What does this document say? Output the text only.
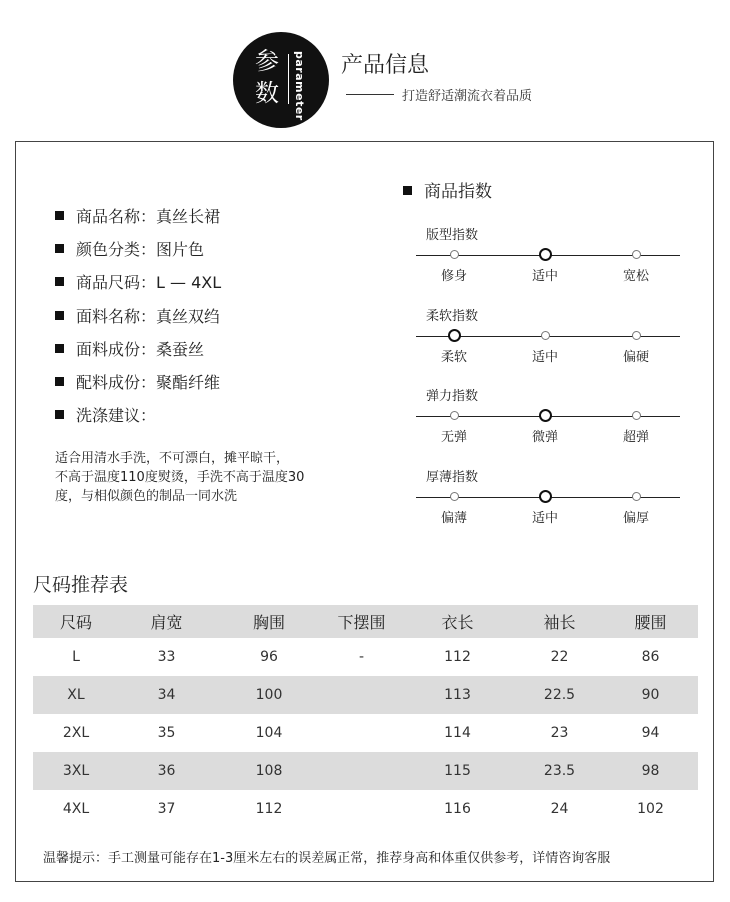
参
数 parameter 产品信息
打造舒适潮流衣着品质
商品名称：真丝长裙
颜色分类：图片色
商品尺码：L — 4XL
面料名称：真丝双绉
面料成份：桑蚕丝
配料成份：聚酯纤维
洗涤建议：
适合用清水手洗，不可漂白，摊平晾干，
不高于温度110度熨烫，手洗不高于温度30
度，与相似颜色的制品一同水洗
商品指数
版型指数
修身	适中	宽松
柔软指数
柔软	适中	偏硬
弹力指数
无弹	微弹	超弹
厚薄指数
偏薄	适中	偏厚
尺码推荐表
尺码	肩宽	胸围	下摆围	衣长	袖长	腰围
L	33	96	-	112	22	86
XL	34	100		113	22.5	90
2XL	35	104		114	23	94
3XL	36	108		115	23.5	98
4XL	37	112		116	24	102
温馨提示：手工测量可能存在1-3厘米左右的误差属正常，推荐身高和体重仅供参考，详情咨询客服
